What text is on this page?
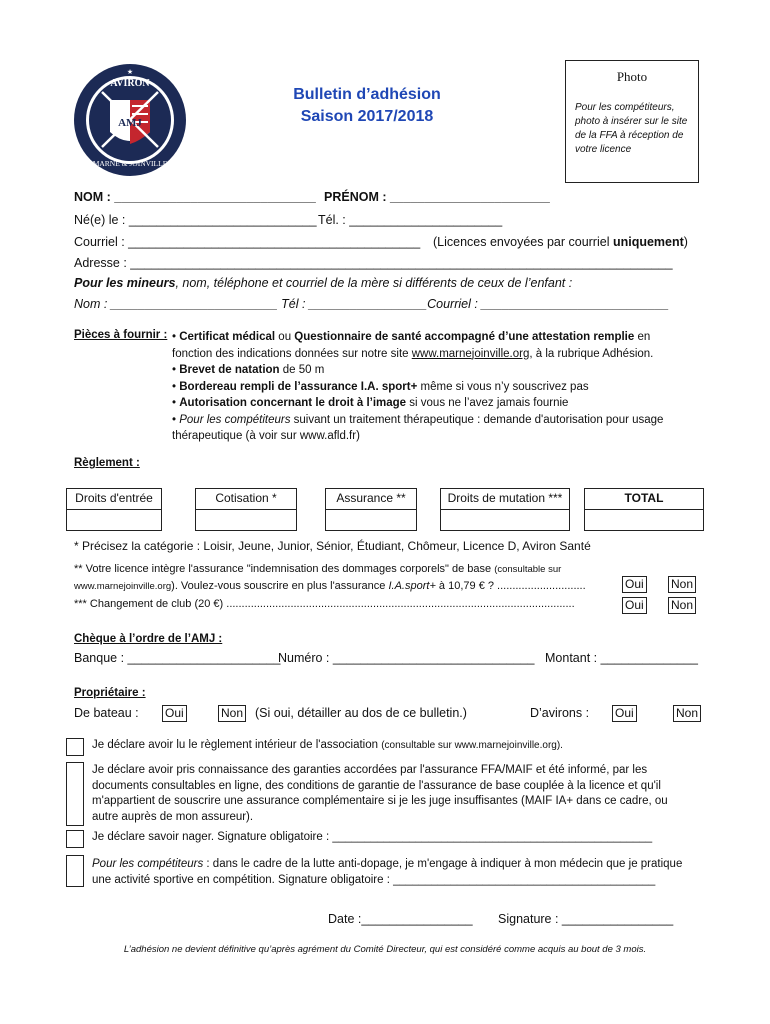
★
AVIRON
MARNE & JOINVILLE
AMJ
Bulletin d’adhésion
Saison 2017/2018
Photo
Pour les compétiteurs, photo à insérer sur le site de la FFA à réception de votre licence
NOM : _____________________________ PRÉNOM : _______________________
Né(e) le : ___________________________ Tél. : ______________________
Courriel : __________________________________________ (Licences envoyées par courriel uniquement)
Adresse : ______________________________________________________________________________
Pour les mineurs, nom, téléphone et courriel de la mère si différents de ceux de l’enfant :
Nom : ________________________ Tél : _________________Courriel : ___________________________
Pièces à fournir : • Certificat médical ou Questionnaire de santé accompagné d’une attestation remplie en
fonction des indications données sur notre site www.marnejoinville.org, à la rubrique Adhésion.
• Brevet de natation de 50 m
• Bordereau rempli de l’assurance I.A. sport+ même si vous n’y souscrivez pas
• Autorisation concernant le droit à l’image si vous ne l’avez jamais fournie
• Pour les compétiteurs suivant un traitement thérapeutique : demande d'autorisation pour usage
thérapeutique (à voir sur www.afld.fr)
Règlement :
Droits d'entrée	Cotisation *	Assurance **	Droits de mutation ***	TOTAL
* Précisez la catégorie : Loisir, Jeune, Junior, Sénior, Étudiant, Chômeur, Licence D, Aviron Santé
** Votre licence intègre l'assurance "indemnisation des dommages corporels" de base (consultable sur
www.marnejoinville.org). Voulez-vous souscrire en plus l'assurance I.A.sport+ à 10,79 € ? .............................	Oui Non
*** Changement de club (20 €) ..................................................................................................................	Oui Non
Chèque à l’ordre de l’AMJ :
Banque : ______________________
Numéro : _____________________________ Montant : ______________
Propriétaire :
De bateau : Oui	Non (Si oui, détailler au dos de ce bulletin.)	D’avirons : Oui	Non
Je déclare avoir lu le règlement intérieur de l'association (consultable sur www.marnejoinville.org).
Je déclare avoir pris connaissance des garanties accordées par l'assurance FFA/MAIF et été informé, par les
documents consultables en ligne, des conditions de garantie de l'assurance de base couplée à la licence et qu'il
m'appartient de souscrire une assurance complémentaire si je les juge insuffisantes (MAIF IA+ dans ce cadre, ou
autre auprès de mon assureur).
Je déclare savoir nager. Signature obligatoire : __________________________________________________
Pour les compétiteurs : dans le cadre de la lutte anti-dopage, je m'engage à indiquer à mon médecin que je pratique
une activité sportive en compétition. Signature obligatoire : _________________________________________
Date :________________ Signature : ________________
L’adhésion ne devient définitive qu’après agrément du Comité Directeur, qui est considéré comme acquis au bout de 3 mois.
